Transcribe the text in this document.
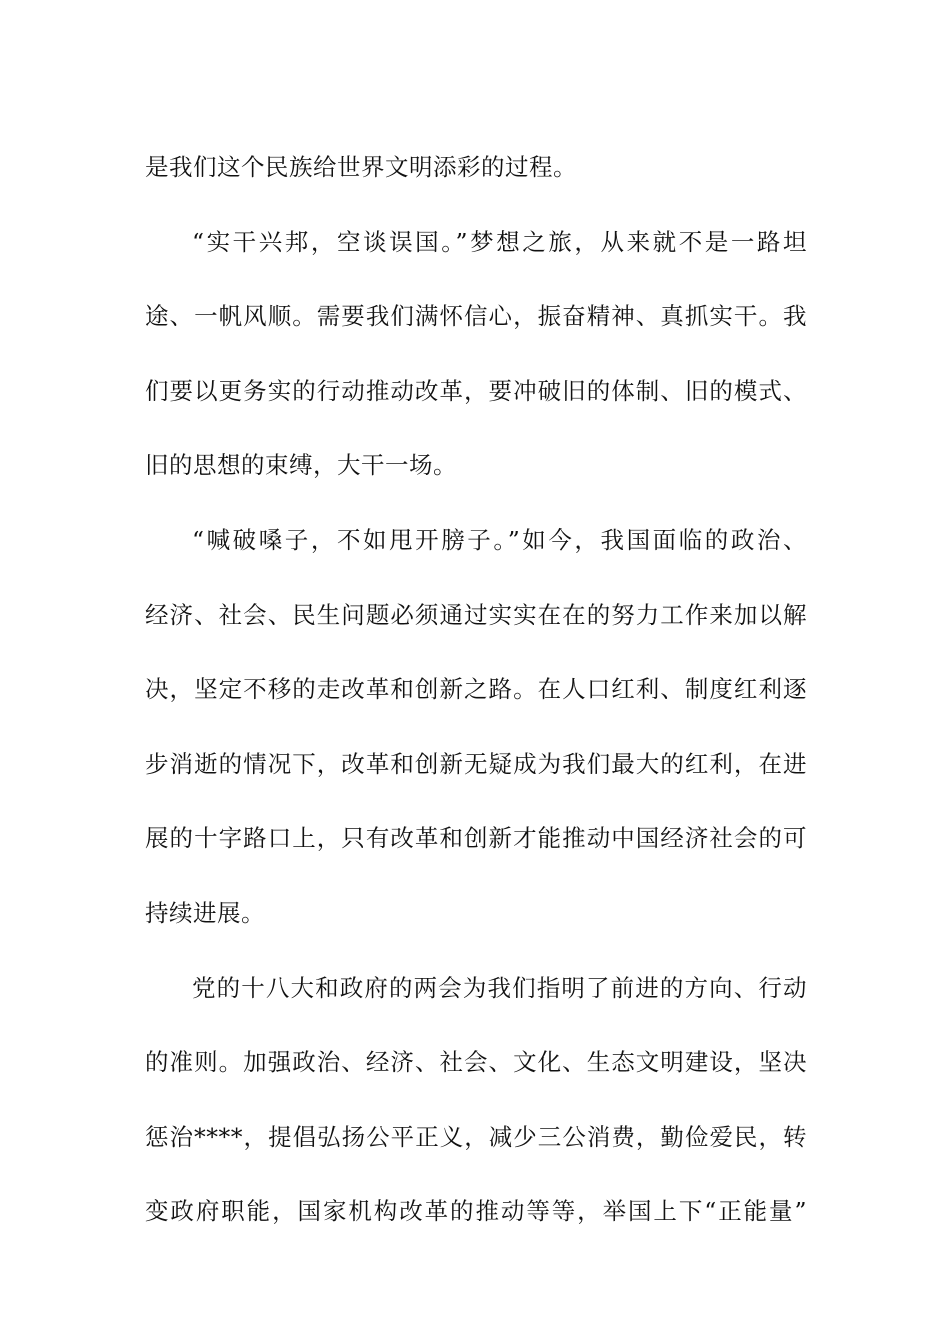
是我们这个民族给世界文明添彩的过程。
“实干兴邦，空谈误国。”梦想之旅，从来就不是一路坦
途、一帆风顺。需要我们满怀信心，振奋精神、真抓实干。我
们要以更务实的行动推动改革，要冲破旧的体制、旧的模式、
旧的思想的束缚，大干一场。
“喊破嗓子，不如甩开膀子。”如今，我国面临的政治、
经济、社会、民生问题必须通过实实在在的努力工作来加以解
决，坚定不移的走改革和创新之路。在人口红利、制度红利逐
步消逝的情况下，改革和创新无疑成为我们最大的红利，在进
展的十字路口上，只有改革和创新才能推动中国经济社会的可
持续进展。
党的十八大和政府的两会为我们指明了前进的方向、行动
的准则。加强政治、经济、社会、文化、生态文明建设，坚决
惩治****，提倡弘扬公平正义，减少三公消费，勤俭爱民，转
变政府职能，国家机构改革的推动等等，举国上下“正能量”
